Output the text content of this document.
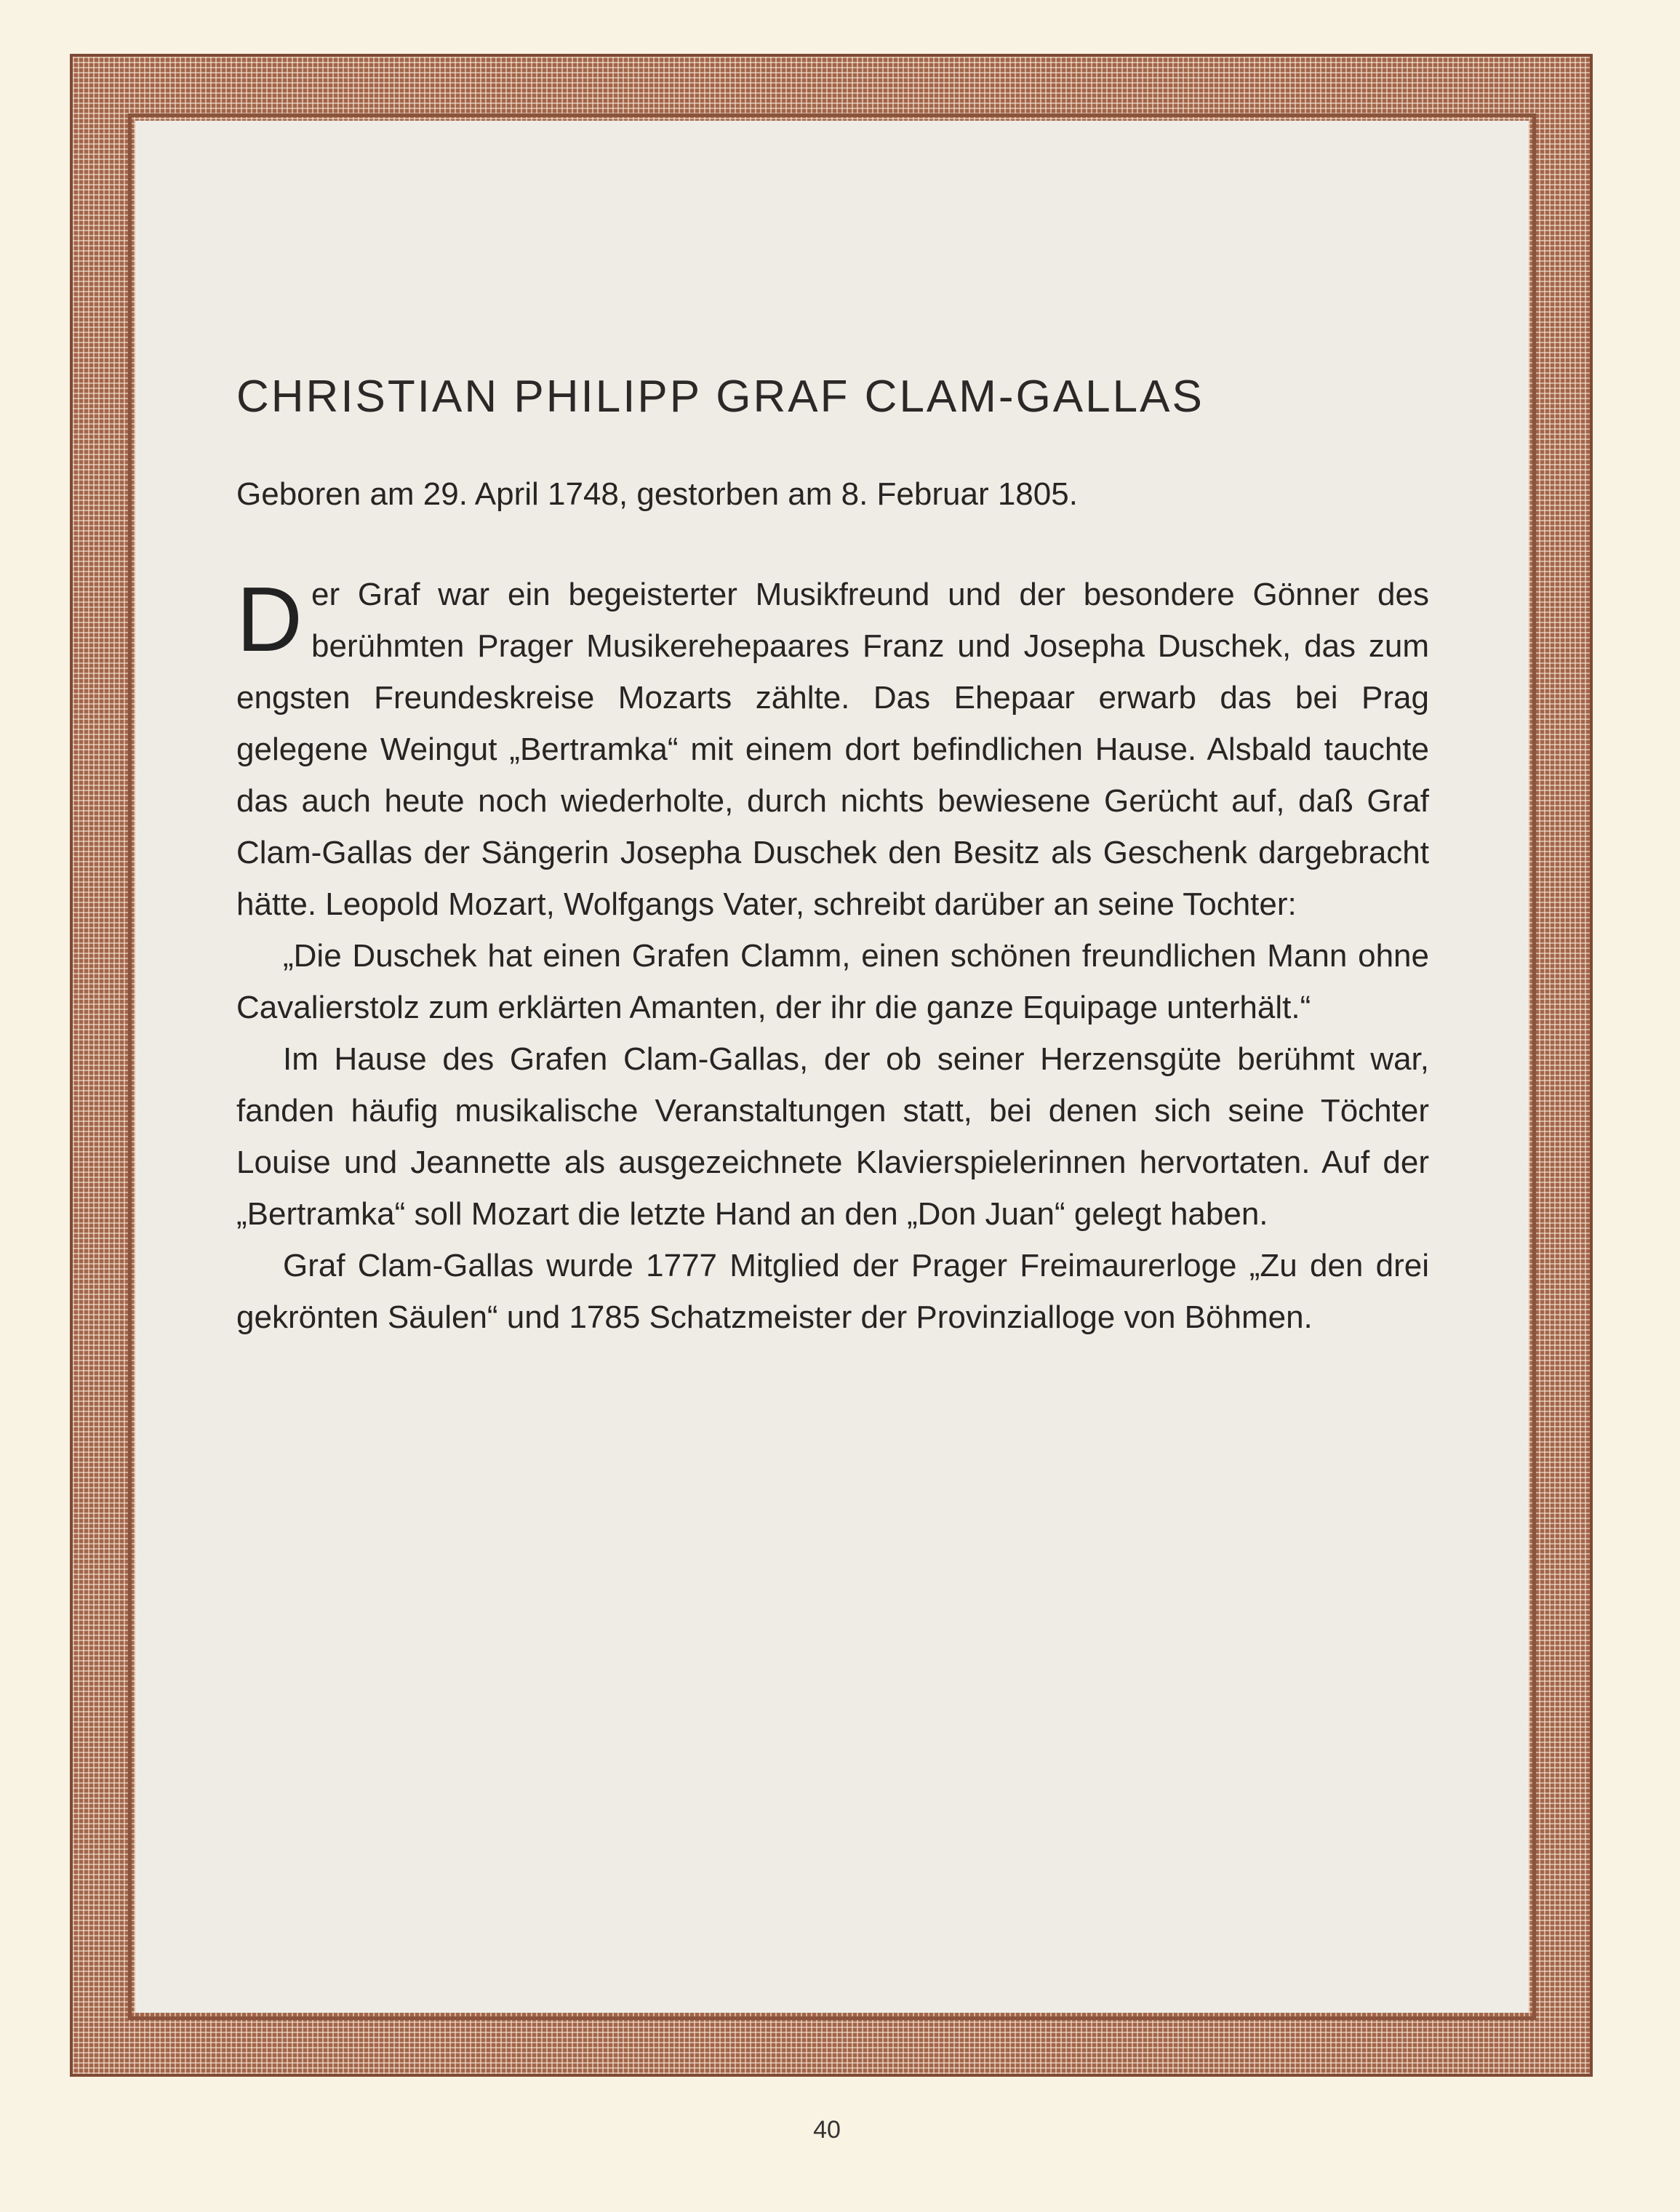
CHRISTIAN PHILIPP GRAF CLAM-GALLAS

Geboren am 29. April 1748, gestorben am 8. Februar 1805.

Der Graf war ein begeisterter Musikfreund und der besondere Gönner des berühmten Prager Musikerehepaares Franz und Josepha Duschek, das zum engsten Freundeskreise Mozarts zählte. Das Ehepaar erwarb das bei Prag gelegene Weingut „Bertramka“ mit einem dort befindlichen Hause. Alsbald tauchte das auch heute noch wiederholte, durch nichts bewiesene Gerücht auf, daß Graf Clam-Gallas der Sängerin Josepha Duschek den Besitz als Geschenk dargebracht hätte. Leopold Mozart, Wolfgangs Vater, schreibt darüber an seine Tochter:

„Die Duschek hat einen Grafen Clamm, einen schönen freundlichen Mann ohne Cavalierstolz zum erklärten Amanten, der ihr die ganze Equipage unterhält.“

Im Hause des Grafen Clam-Gallas, der ob seiner Herzensgüte berühmt war, fanden häufig musikalische Veranstaltungen statt, bei denen sich seine Töchter Louise und Jeannette als ausgezeichnete Klavierspielerinnen hervortaten. Auf der „Bertramka“ soll Mozart die letzte Hand an den „Don Juan“ gelegt haben.

Graf Clam-Gallas wurde 1777 Mitglied der Prager Freimaurerloge „Zu den drei gekrönten Säulen“ und 1785 Schatzmeister der Provinzialloge von Böhmen.

40
